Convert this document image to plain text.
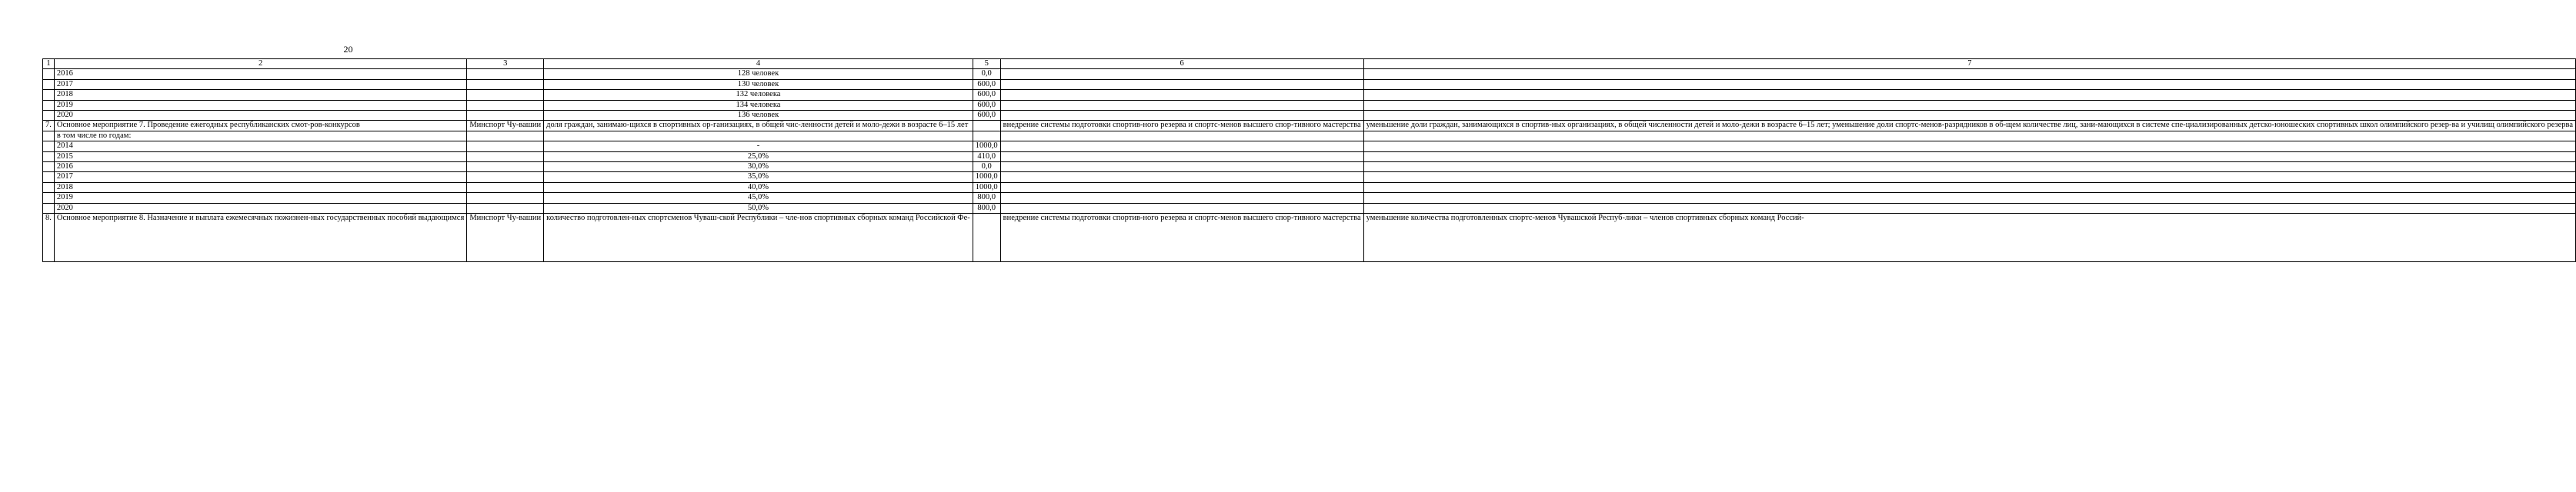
20
1	2	3	4	5	6	7
	2016		128 человек	0,0		
	2017		130 человек	600,0		
	2018		132 человека	600,0		
	2019		134 человека	600,0		
	2020		136 человек	600,0		
7.	Основное мероприятие 7. Проведение ежегодных республиканских смот-ров-конкурсов	Минспорт Чу-вашии	доля граждан, занимаю-щихся в спортивных ор-ганизациях, в общей чис-ленности детей и моло-дежи в возрасте 6–15 лет		внедрение системы подготовки спортив-ного резерва и спортс-менов высшего спор-тивного мастерства	уменьшение доли граждан, занимающихся в спортив-ных организациях, в общей численности детей и моло-дежи в возрасте 6–15 лет; уменьшение доли спортс-менов-разрядников в об-щем количестве лиц, зани-мающихся в системе спе-циализированных детско-юношеских спортивных школ олимпийского резер-ва и училищ олимпийского резерва
	в том числе по годам:					
	2014		-	1000,0		
	2015		25,0%	410,0		
	2016		30,0%	0,0		
	2017		35,0%	1000,0		
	2018		40,0%	1000,0		
	2019		45,0%	800,0		
	2020		50,0%	800,0		
8.	Основное мероприятие 8. Назначение и выплата ежемесячных пожизнен-ных государственных пособий выдающимся	Минспорт Чу-вашии	количество подготовлен-ных спортсменов Чуваш-ской Республики – чле-нов спортивных сборных команд Российской Фе-		внедрение системы подготовки спортив-ного резерва и спортс-менов высшего спор-тивного мастерства	уменьшение количества подготовленных спортс-менов Чувашской Респуб-лики – членов спортивных сборных команд Россий-
